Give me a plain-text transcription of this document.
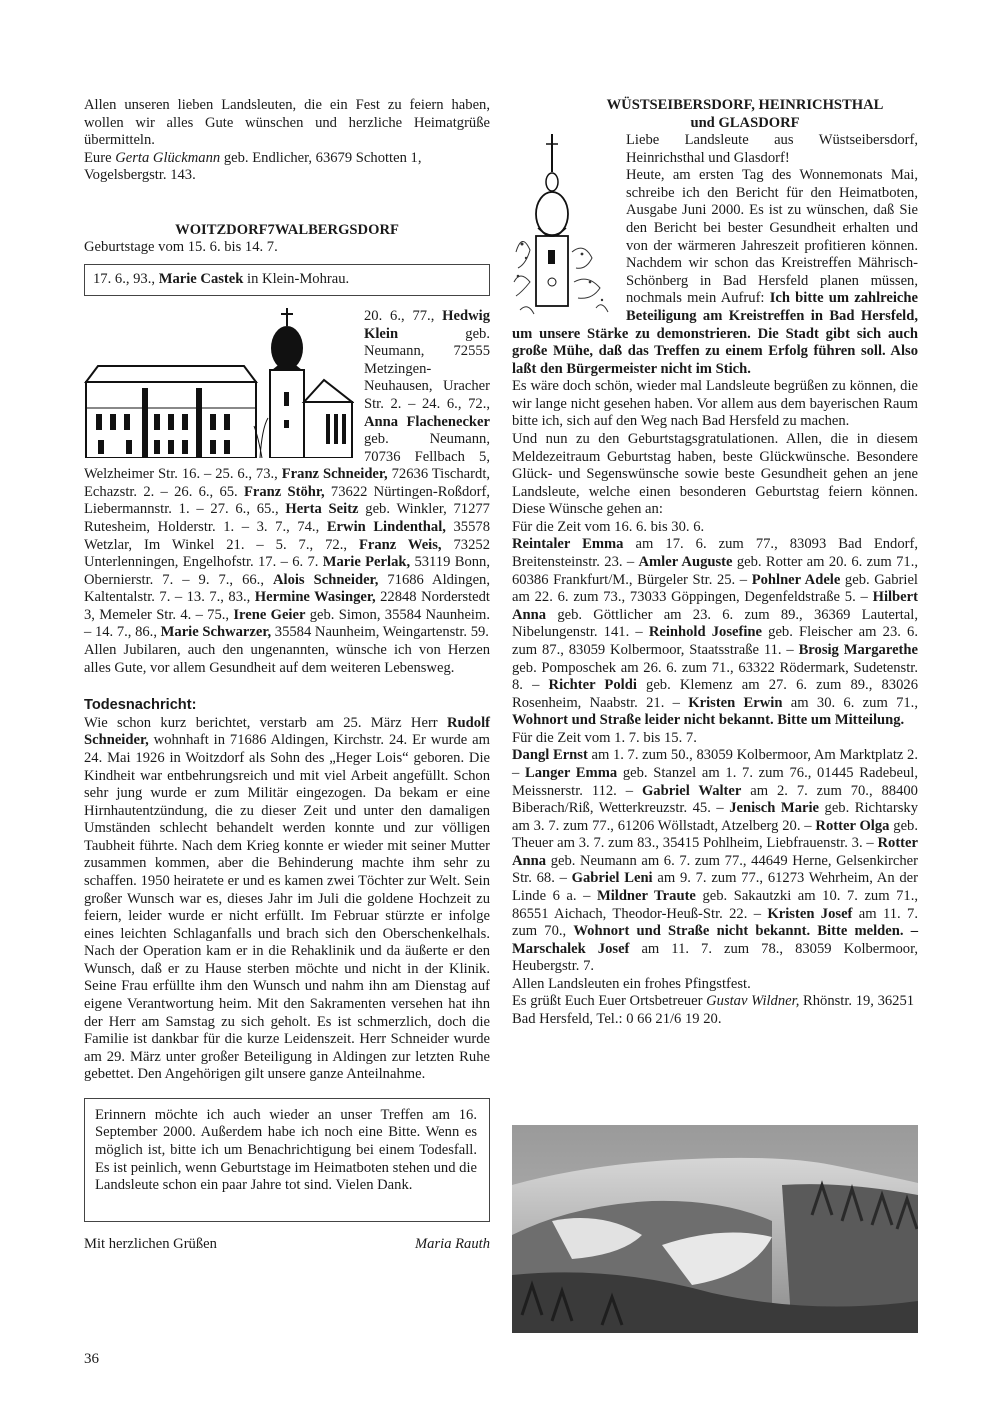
Allen unseren lieben Landsleuten, die ein Fest zu feiern haben, wollen wir alles Gute wünschen und herzliche Heimatgrüße übermitteln.

Eure Gerta Glückmann geb. Endlicher, 63679 Schotten 1, Vogelsbergstr. 143.

WOITZDORF7WALBERGSDORF

Geburtstage vom 15. 6. bis 14. 7.

17. 6., 93., Marie Castek in Klein-Mohrau.

20. 6., 77., Hedwig Klein geb. Neumann, 72555 Metzingen-Neuhausen, Uracher Str. 2. – 24. 6., 72., Anna Flachenecker geb. Neumann, 70736 Fellbach 5, Welzheimer Str. 16. – 25. 6., 73., Franz Schneider, 72636 Tischardt, Echazstr. 2. – 26. 6., 65. Franz Stöhr, 73622 Nürtingen-Roßdorf, Liebermannstr. 1. – 27. 6., 65., Herta Seitz geb. Winkler, 71277 Rutesheim, Holderstr. 1. – 3. 7., 74., Erwin Lindenthal, 35578 Wetzlar, Im Winkel 21. – 5. 7., 72., Franz Weis, 73252 Unterlenningen, Engelhofstr. 17. – 6. 7. Marie Perlak, 53119 Bonn, Obernierstr. 7. – 9. 7., 66., Alois Schneider, 71686 Aldingen, Kaltentalstr. 7. – 13. 7., 83., Hermine Wasinger, 22848 Norderstedt 3, Memeler Str. 4. – 75., Irene Geier geb. Simon, 35584 Naunheim. – 14. 7., 86., Marie Schwarzer, 35584 Naunheim, Weingartenstr. 59.

Allen Jubilaren, auch den ungenannten, wünsche ich von Herzen alles Gute, vor allem Gesundheit auf dem weiteren Lebensweg.

Todesnachricht:

Wie schon kurz berichtet, verstarb am 25. März Herr Rudolf Schneider, wohnhaft in 71686 Aldingen, Kirchstr. 24. Er wurde am 24. Mai 1926 in Woitzdorf als Sohn des „Heger Lois“ geboren. Die Kindheit war entbehrungsreich und mit viel Arbeit angefüllt. Schon sehr jung wurde er zum Militär eingezogen. Da bekam er eine Hirnhautentzündung, die zu dieser Zeit und unter den damaligen Umständen schlecht behandelt werden konnte und zur völligen Taubheit führte. Nach dem Krieg konnte er wieder mit seiner Mutter zusammen kommen, aber die Behinderung machte ihm sehr zu schaffen. 1950 heiratete er und es kamen zwei Töchter zur Welt. Sein großer Wunsch war es, dieses Jahr im Juli die goldene Hochzeit zu feiern, leider wurde er nicht erfüllt. Im Februar stürzte er infolge eines leichten Schlaganfalls und brach sich den Oberschenkelhals. Nach der Operation kam er in die Rehaklinik und da äußerte er den Wunsch, daß er zu Hause sterben möchte und nicht in der Klinik. Seine Frau erfüllte ihm den Wunsch und nahm ihn am Dienstag auf eigene Verantwortung heim. Mit den Sakramenten versehen hat ihn der Herr am Samstag zu sich geholt. Es ist schmerzlich, doch die Familie ist dankbar für die kurze Leidenszeit. Herr Schneider wurde am 29. März unter großer Beteiligung in Aldingen zur letzten Ruhe gebettet. Den Angehörigen gilt unsere ganze Anteilnahme.

Erinnern möchte ich auch wieder an unser Treffen am 16. September 2000. Außerdem habe ich noch eine Bitte. Wenn es möglich ist, bitte ich um Benachrichtigung bei einem Todesfall. Es ist peinlich, wenn Geburtstage im Heimatboten stehen und die Landsleute schon ein paar Jahre tot sind. Vielen Dank.

Mit herzlichen Grüßen	Maria Rauth
WÜSTSEIBERSDORF, HEINRICHSTHAL
und GLASDORF

Liebe Landsleute aus Wüstseibersdorf, Heinrichsthal und Glasdorf!

Heute, am ersten Tag des Wonnemonats Mai, schreibe ich den Bericht für den Heimatboten, Ausgabe Juni 2000. Es ist zu wünschen, daß Sie den Bericht bei bester Gesundheit erhalten und von der wärmeren Jahreszeit profitieren können. Nachdem wir schon das Kreistreffen Mährisch-Schönberg in Bad Hersfeld planen müssen, nochmals mein Aufruf: Ich bitte um zahlreiche Beteiligung am Kreistreffen in Bad Hersfeld, um unsere Stärke zu demonstrieren. Die Stadt gibt sich auch große Mühe, daß das Treffen zu einem Erfolg führen soll. Also laßt den Bürgermeister nicht im Stich.

Es wäre doch schön, wieder mal Landsleute begrüßen zu können, die wir lange nicht gesehen haben. Vor allem aus dem bayerischen Raum bitte ich, sich auf den Weg nach Bad Hersfeld zu machen.

Und nun zu den Geburtstagsgratulationen. Allen, die in diesem Meldezeitraum Geburtstag haben, beste Glückwünsche. Besondere Glück- und Segenswünsche sowie beste Gesundheit gehen an jene Landsleute, welche einen besonderen Geburtstag feiern können. Diese Wünsche gehen an:

Für die Zeit vom 16. 6. bis 30. 6.

Reintaler Emma am 17. 6. zum 77., 83093 Bad Endorf, Breitensteinstr. 23. – Amler Auguste geb. Rotter am 20. 6. zum 71., 60386 Frankfurt/M., Bürgeler Str. 25. – Pohlner Adele geb. Gabriel am 22. 6. zum 73., 73033 Göppingen, Degenfeldstraße 5. – Hilbert Anna geb. Göttlicher am 23. 6. zum 89., 36369 Lautertal, Nibelungenstr. 141. – Reinhold Josefine geb. Fleischer am 23. 6. zum 87., 83059 Kolbermoor, Staatsstraße 11. – Brosig Margarethe geb. Pomposchek am 26. 6. zum 71., 63322 Rödermark, Sudetenstr. 8. – Richter Poldi geb. Klemenz am 27. 6. zum 89., 83026 Rosenheim, Naabstr. 21. – Kristen Erwin am 30. 6. zum 71., Wohnort und Straße leider nicht bekannt. Bitte um Mitteilung.

Für die Zeit vom 1. 7. bis 15. 7.

Dangl Ernst am 1. 7. zum 50., 83059 Kolbermoor, Am Marktplatz 2. – Langer Emma geb. Stanzel am 1. 7. zum 76., 01445 Radebeul, Meissnerstr. 112. – Gabriel Walter am 2. 7. zum 70., 88400 Biberach/Riß, Wetterkreuzstr. 45. – Jenisch Marie geb. Richtarsky am 3. 7. zum 77., 61206 Wöllstadt, Atzelberg 20. – Rotter Olga geb. Theuer am 3. 7. zum 83., 35415 Pohlheim, Liebfrauenstr. 3. – Rotter Anna geb. Neumann am 6. 7. zum 77., 44649 Herne, Gelsenkircher Str. 68. – Gabriel Leni am 9. 7. zum 77., 61273 Wehrheim, An der Linde 6 a. – Mildner Traute geb. Sakautzki am 10. 7. zum 71., 86551 Aichach, Theodor-Heuß-Str. 22. – Kristen Josef am 11. 7. zum 70., Wohnort und Straße nicht bekannt. Bitte melden. – Marschalek Josef am 11. 7. zum 78., 83059 Kolbermoor, Heubergstr. 7.

Allen Landsleuten ein frohes Pfingstfest.

Es grüßt Euch Euer Ortsbetreuer Gustav Wildner, Rhönstr. 19, 36251 Bad Hersfeld, Tel.: 0 66 21/6 19 20.

36
